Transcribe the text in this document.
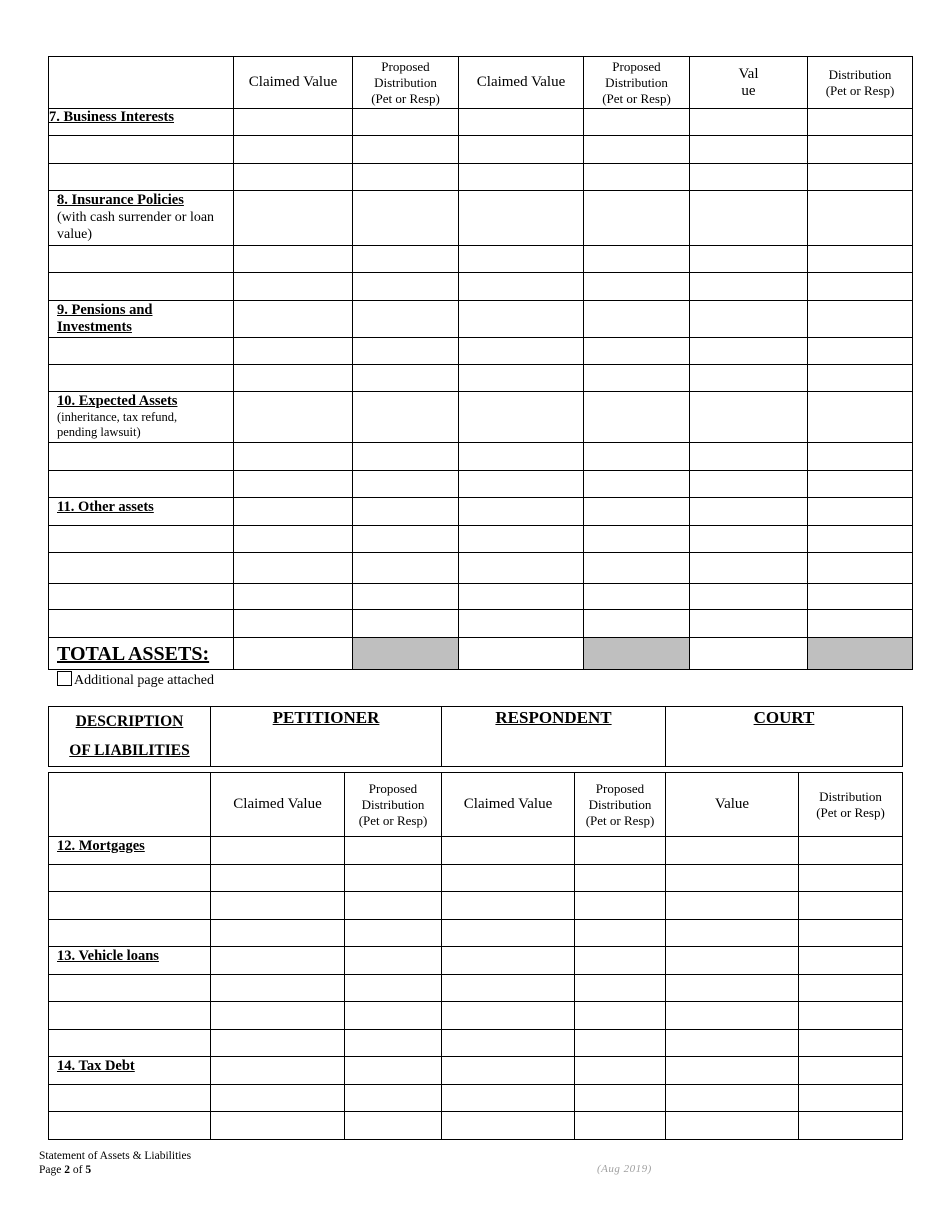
	Claimed Value	Proposed
Distribution
(Pet or Resp)	Claimed Value	Proposed
Distribution
(Pet or Resp)	Val
ue	Distribution
(Pet or Resp)

7. Business Interests						

8. Insurance Policies
(with cash surrender or loan value)						

9. Pensions and Investments						

10. Expected Assets
(inheritance, tax refund, pending lawsuit)						

11. Other assets						

TOTAL ASSETS:						

Additional page attached
DESCRIPTION
OF LIABILITIES

PETITIONER	RESPONDENT	COURT
	Claimed Value	Proposed
Distribution
(Pet or Resp)	Claimed Value	Proposed
Distribution
(Pet or Resp)	Value	Distribution
(Pet or Resp)

12. Mortgages						

13. Vehicle loans						

14. Tax Debt						

Statement of Assets & Liabilities
Page 2 of 5	(Aug 2019)
